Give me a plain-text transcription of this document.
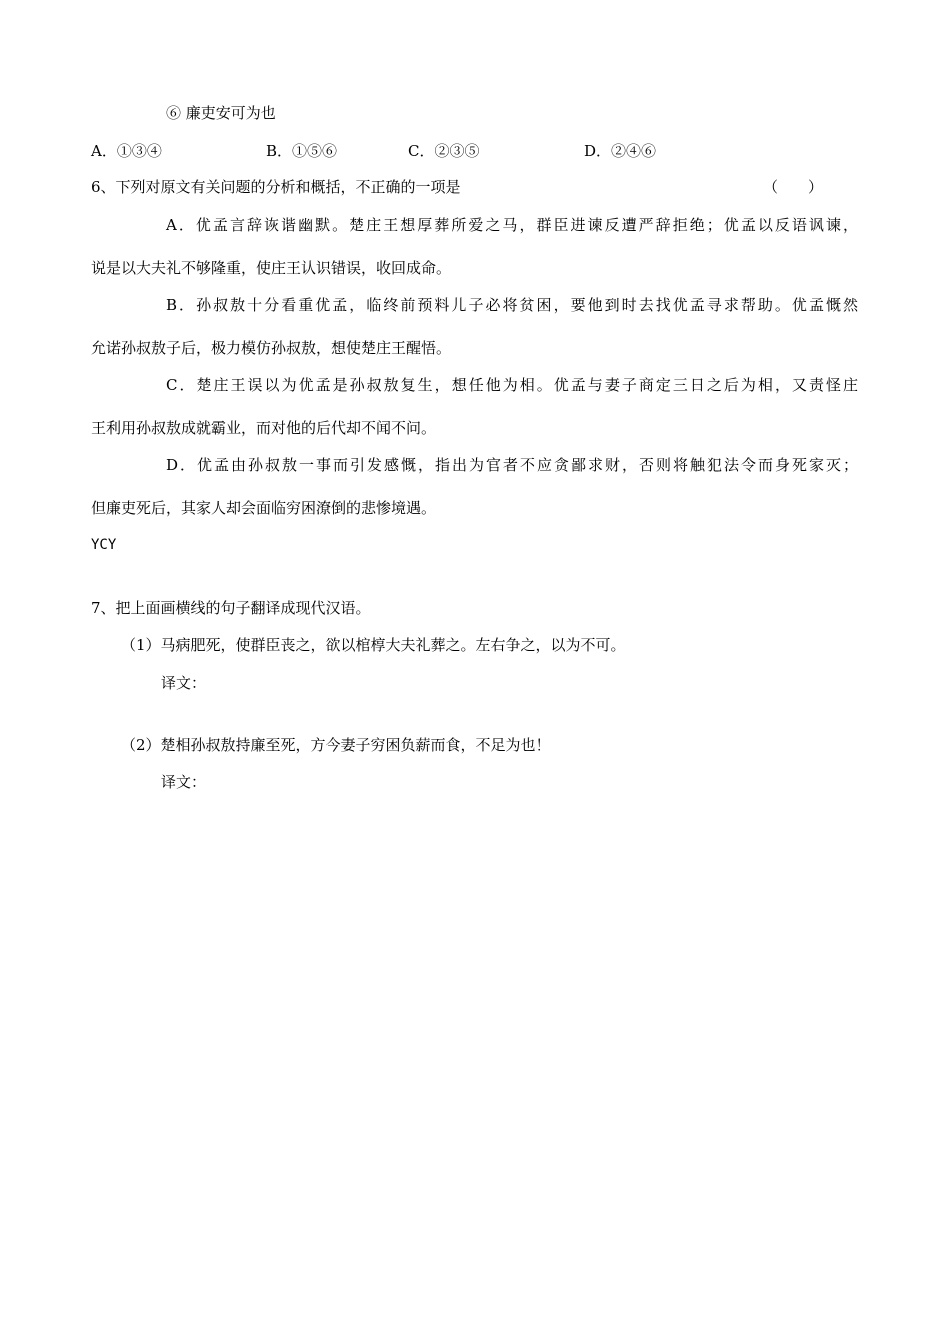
⑥ 廉吏安可为也
A．①③④	B．①⑤⑥	C．②③⑤	D．②④⑥
6、下列对原文有关问题的分析和概括，不正确的一项是	（　　）
A．优孟言辞诙谐幽默。楚庄王想厚葬所爱之马，群臣进谏反遭严辞拒绝；优孟以反语讽谏，
说是以大夫礼不够隆重，使庄王认识错误，收回成命。
B．孙叔敖十分看重优孟，临终前预料儿子必将贫困，要他到时去找优孟寻求帮助。优孟慨然
允诺孙叔敖子后，极力模仿孙叔敖，想使楚庄王醒悟。
C．楚庄王误以为优孟是孙叔敖复生，想任他为相。优孟与妻子商定三日之后为相，又责怪庄
王利用孙叔敖成就霸业，而对他的后代却不闻不问。
D．优孟由孙叔敖一事而引发感慨，指出为官者不应贪鄙求财，否则将触犯法令而身死家灭；
但廉吏死后，其家人却会面临穷困潦倒的悲惨境遇。
YCY
7、把上面画横线的句子翻译成现代汉语。
（1）马病肥死，使群臣丧之，欲以棺椁大夫礼葬之。左右争之，以为不可。
译文：
（2）楚相孙叔敖持廉至死，方今妻子穷困负薪而食，不足为也！
译文：
